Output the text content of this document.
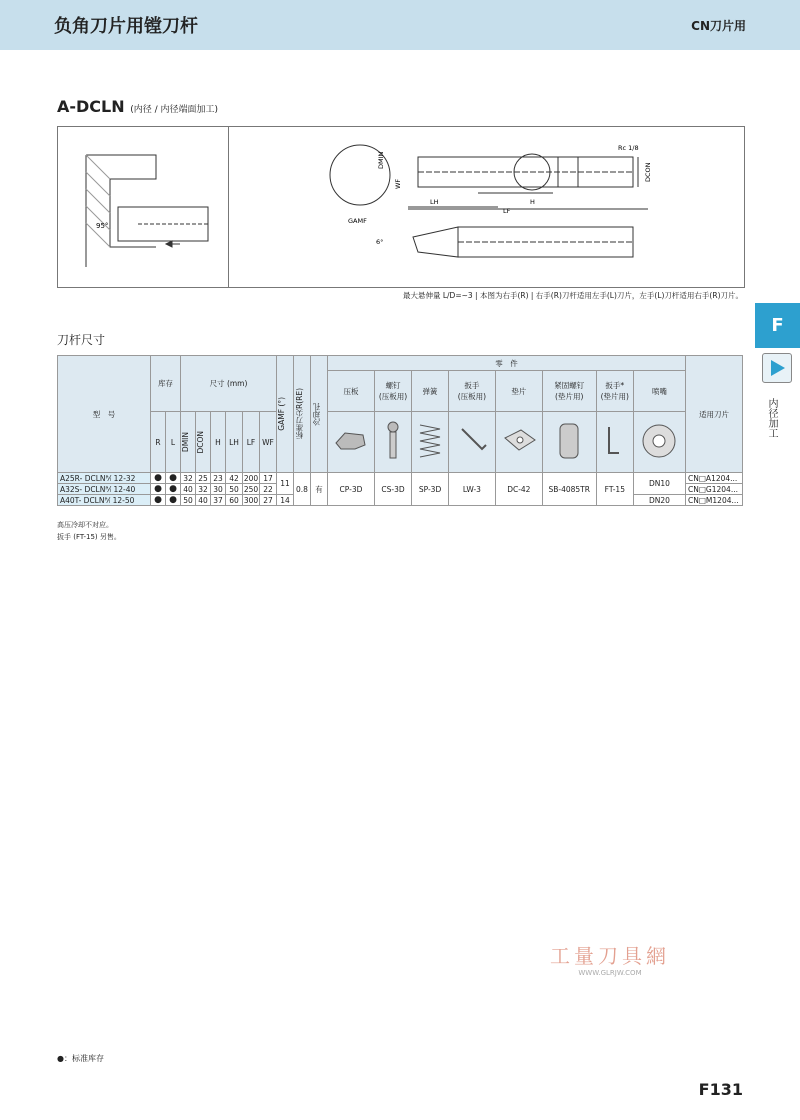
负角刀片用镗刀杆	CN刀片用
A-DCLN (内径 / 内径端面加工)
95°
DMIN
WF
GAMF
LH
LF
H
DCON
Rc 1/8
6°
最大悬伸量 L/D=~3 | 本图为右手(R) | 右手(R)刀杆适用左手(L)刀片，左手(L)刀杆适用右手(R)刀片。
刀杆尺寸
型　号	库存		尺寸 (mm)						GAMF (°)	标准刀尖R(RE)	冷却孔	零　件								适用刀片
												压板	螺钉
(压板用)	弹簧	扳手
(压板用)	垫片	紧固螺钉
(垫片用)	扳手*
(垫片用)	喷嘴	

	R	L	DMIN	DCON	H	LH	LF	WF								
A25R- DCLNᴿ⁄ₗ 12-32	●	●	32	25	23	42	200	17	11	0.8	有	CP-3D	CS-3D	SP-3D	LW-3	DC-42	SB-4085TR	FT-15	DN10	CN□A1204...
A32S- DCLNᴿ⁄ₗ 12-40	●	●	40	32	30	50	250	22												CN□G1204...
A40T- DCLNᴿ⁄ₗ 12-50	●	●	50	40	37	60	300	27	14										DN20	CN□M1204...
高压冷却不对应。
扳手 (FT-15) 另售。
F
内径加工
工量刀具網
WWW.GLRJW.COM
●：标准库存
F131
